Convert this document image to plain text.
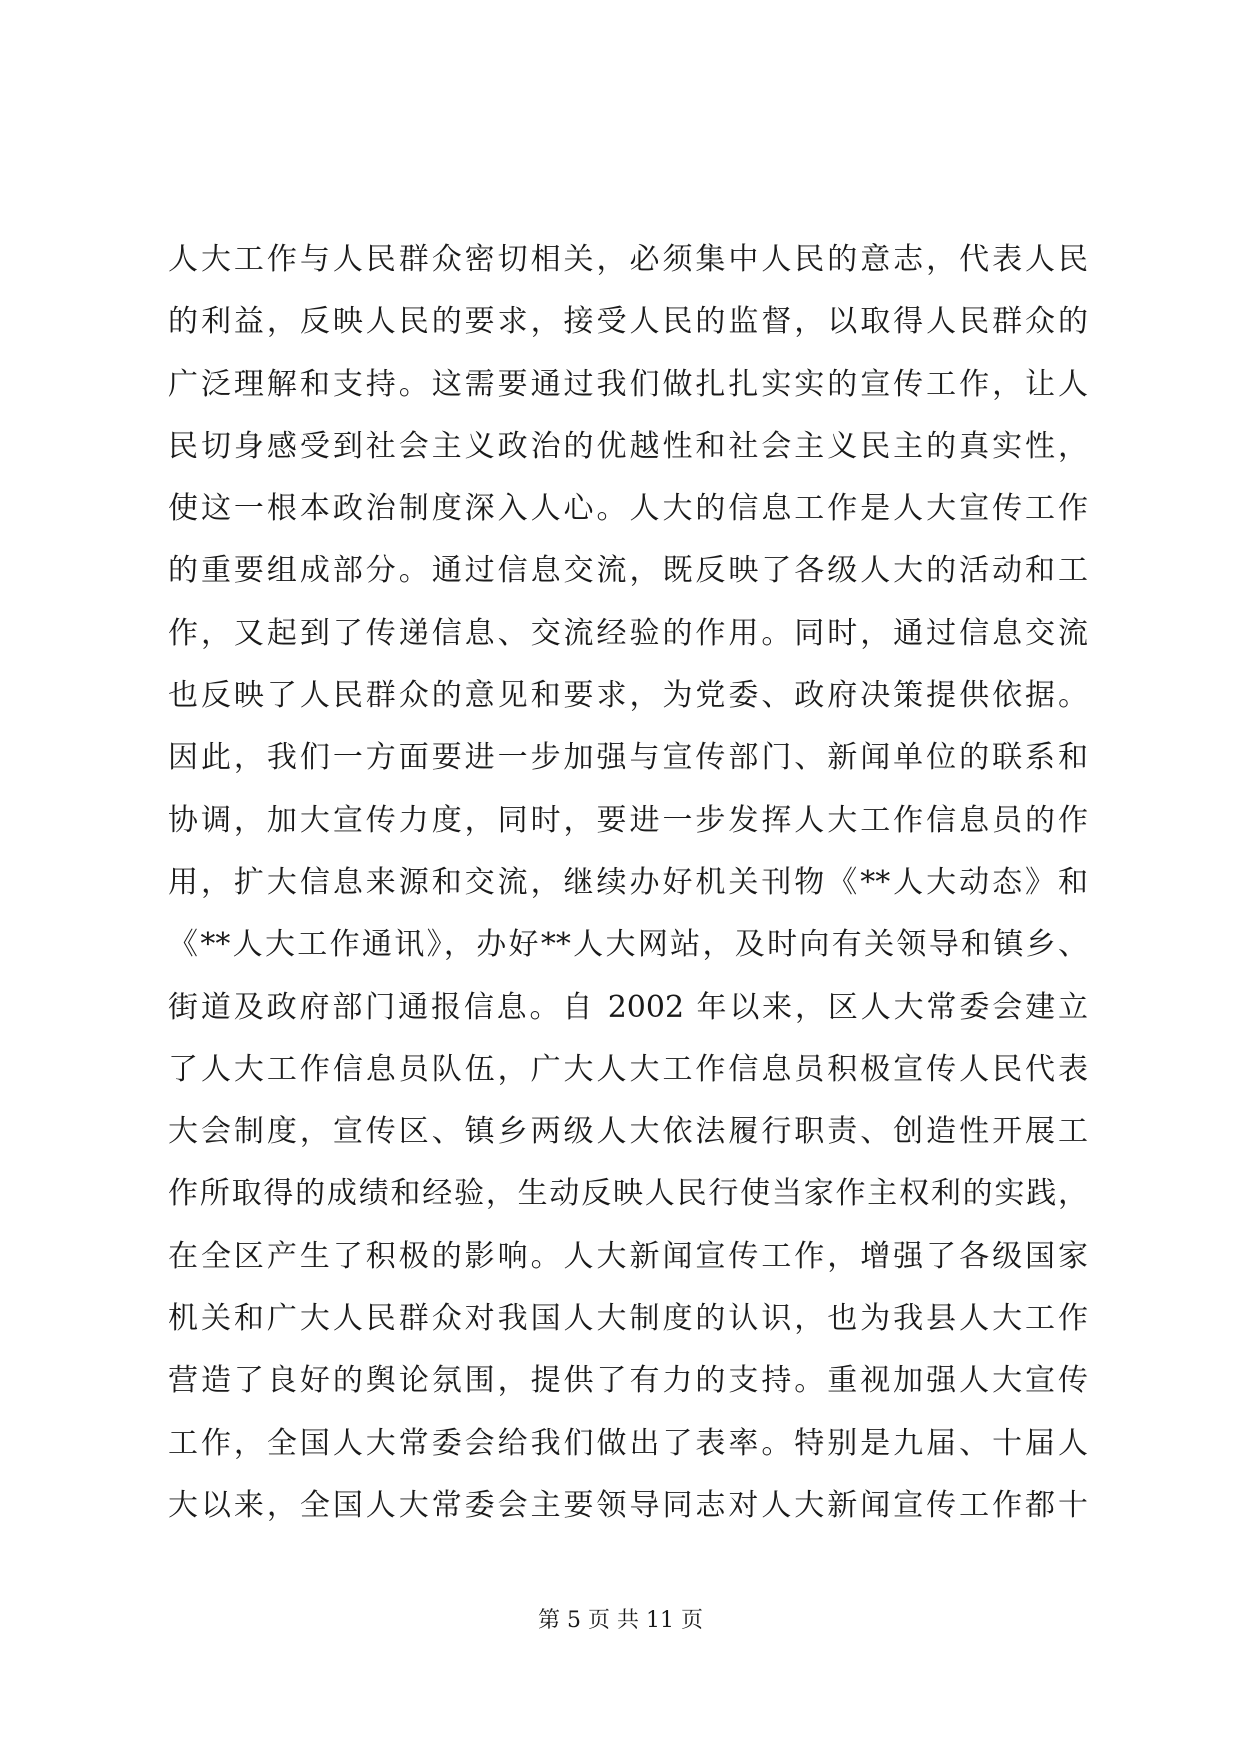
人大工作与人民群众密切相关，必须集中人民的意志，代表人民
的利益，反映人民的要求，接受人民的监督，以取得人民群众的
广泛理解和支持。这需要通过我们做扎扎实实的宣传工作，让人
民切身感受到社会主义政治的优越性和社会主义民主的真实性，
使这一根本政治制度深入人心。人大的信息工作是人大宣传工作
的重要组成部分。通过信息交流，既反映了各级人大的活动和工
作，又起到了传递信息、交流经验的作用。同时，通过信息交流
也反映了人民群众的意见和要求，为党委、政府决策提供依据。
因此，我们一方面要进一步加强与宣传部门、新闻单位的联系和
协调，加大宣传力度，同时，要进一步发挥人大工作信息员的作
用，扩大信息来源和交流，继续办好机关刊物《**人大动态》和
《**人大工作通讯》，办好**人大网站，及时向有关领导和镇乡、
街道及政府部门通报信息。自 2002 年以来，区人大常委会建立
了人大工作信息员队伍，广大人大工作信息员积极宣传人民代表
大会制度，宣传区、镇乡两级人大依法履行职责、创造性开展工
作所取得的成绩和经验，生动反映人民行使当家作主权利的实践，
在全区产生了积极的影响。人大新闻宣传工作，增强了各级国家
机关和广大人民群众对我国人大制度的认识，也为我县人大工作
营造了良好的舆论氛围，提供了有力的支持。重视加强人大宣传
工作，全国人大常委会给我们做出了表率。特别是九届、十届人
大以来，全国人大常委会主要领导同志对人大新闻宣传工作都十
第 5 页 共 11 页
